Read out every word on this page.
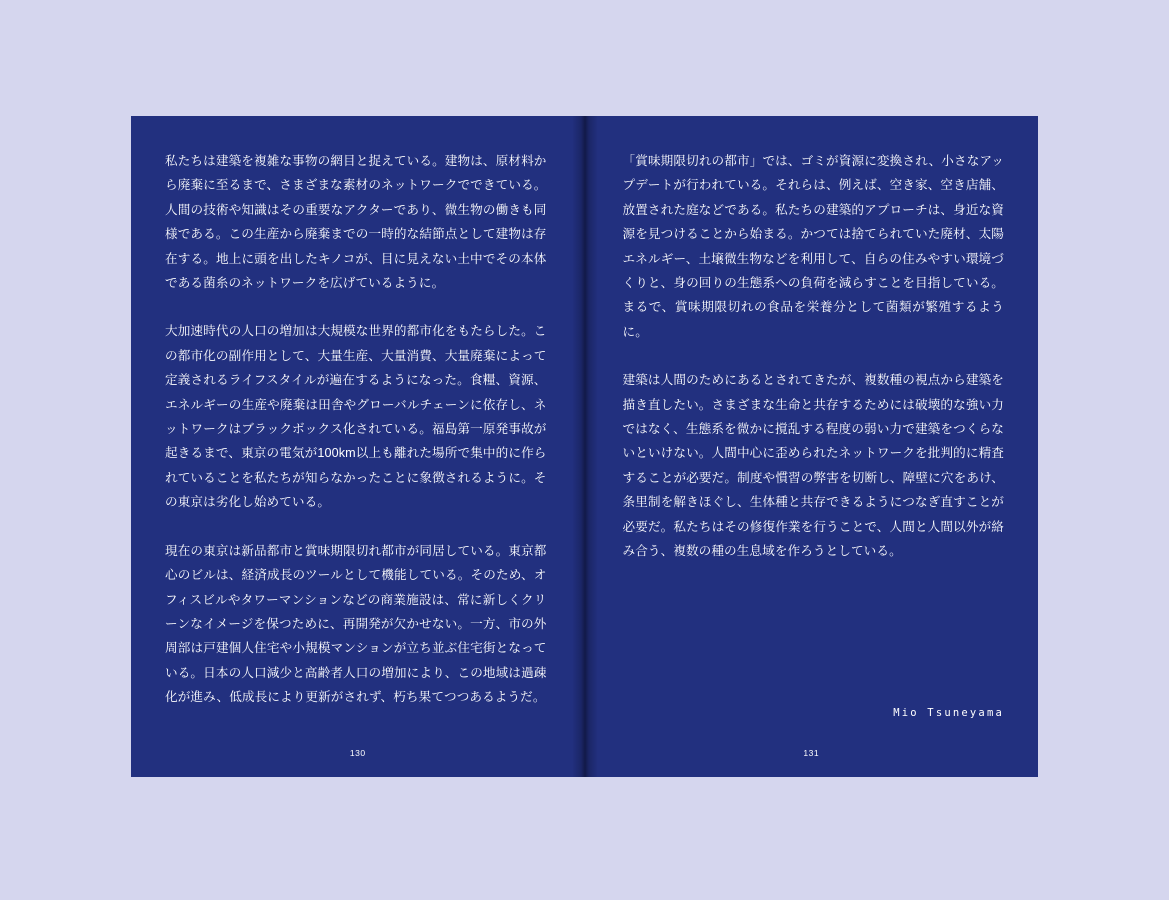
私たちは建築を複雑な事物の網目と捉えている。建物は、原材料から廃棄に至るまで、さまざまな素材のネットワークでできている。人間の技術や知識はその重要なアクターであり、微生物の働きも同様である。この生産から廃棄までの一時的な結節点として建物は存在する。地上に頭を出したキノコが、目に見えない土中でその本体である菌糸のネットワークを広げているように。

大加速時代の人口の増加は大規模な世界的都市化をもたらした。この都市化の副作用として、大量生産、大量消費、大量廃棄によって定義されるライフスタイルが遍在するようになった。食糧、資源、エネルギーの生産や廃棄は田舎やグローバルチェーンに依存し、ネットワークはブラックボックス化されている。福島第一原発事故が起きるまで、東京の電気が100km以上も離れた場所で集中的に作られていることを私たちが知らなかったことに象徴されるように。その東京は劣化し始めている。

現在の東京は新品都市と賞味期限切れ都市が同居している。東京都心のビルは、経済成長のツールとして機能している。そのため、オフィスビルやタワーマンションなどの商業施設は、常に新しくクリーンなイメージを保つために、再開発が欠かせない。一方、市の外周部は戸建個人住宅や小規模マンションが立ち並ぶ住宅街となっている。日本の人口減少と高齢者人口の増加により、この地域は過疎化が進み、低成長により更新がされず、朽ち果てつつあるようだ。

130

「賞味期限切れの都市」では、ゴミが資源に変換され、小さなアップデートが行われている。それらは、例えば、空き家、空き店舗、放置された庭などである。私たちの建築的アプローチは、身近な資源を見つけることから始まる。かつては捨てられていた廃材、太陽エネルギー、土壌微生物などを利用して、自らの住みやすい環境づくりと、身の回りの生態系への負荷を減らすことを目指している。まるで、賞味期限切れの食品を栄養分として菌類が繁殖するように。

建築は人間のためにあるとされてきたが、複数種の視点から建築を描き直したい。さまざまな生命と共存するためには破壊的な強い力ではなく、生態系を微かに撹乱する程度の弱い力で建築をつくらないといけない。人間中心に歪められたネットワークを批判的に精査することが必要だ。制度や慣習の弊害を切断し、障壁に穴をあけ、条里制を解きほぐし、生体種と共存できるようにつなぎ直すことが必要だ。私たちはその修復作業を行うことで、人間と人間以外が絡み合う、複数の種の生息域を作ろうとしている。

Mio Tsuneyama
131
